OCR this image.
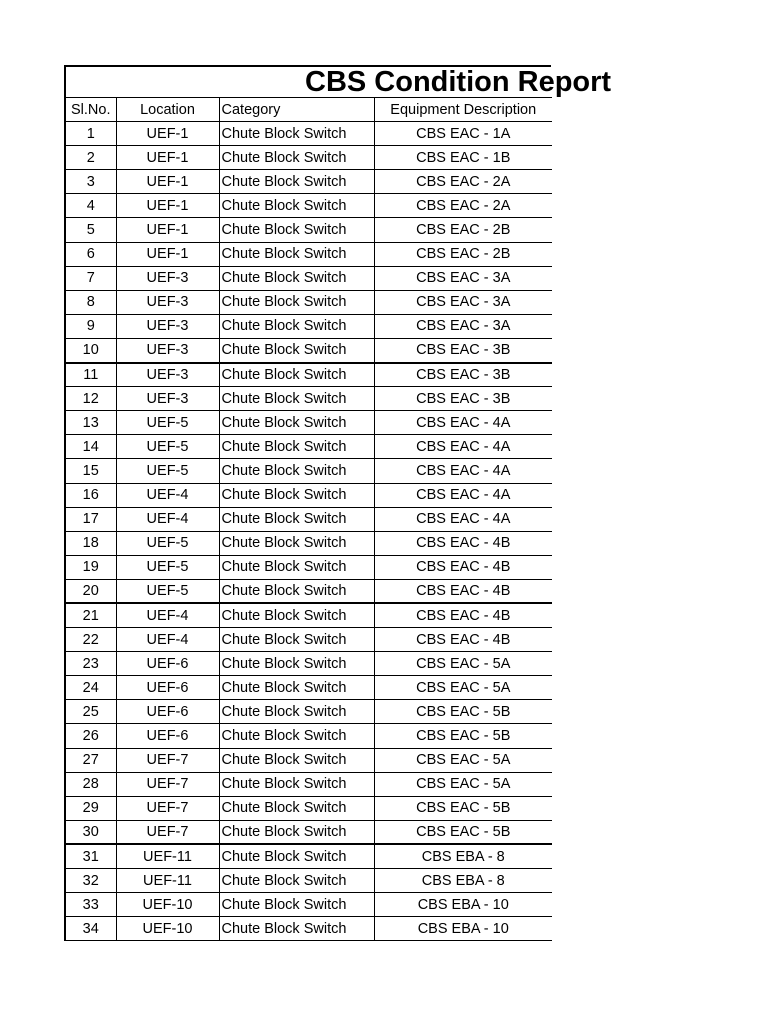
CBS Condition Report
Sl.No.	Location	Category	Equipment Description
1	UEF-1	Chute Block Switch	CBS EAC - 1A
2	UEF-1	Chute Block Switch	CBS EAC - 1B
3	UEF-1	Chute Block Switch	CBS EAC - 2A
4	UEF-1	Chute Block Switch	CBS EAC - 2A
5	UEF-1	Chute Block Switch	CBS EAC - 2B
6	UEF-1	Chute Block Switch	CBS EAC - 2B
7	UEF-3	Chute Block Switch	CBS EAC - 3A
8	UEF-3	Chute Block Switch	CBS EAC - 3A
9	UEF-3	Chute Block Switch	CBS EAC - 3A
10	UEF-3	Chute Block Switch	CBS EAC - 3B
11	UEF-3	Chute Block Switch	CBS EAC - 3B
12	UEF-3	Chute Block Switch	CBS EAC - 3B
13	UEF-5	Chute Block Switch	CBS EAC - 4A
14	UEF-5	Chute Block Switch	CBS EAC - 4A
15	UEF-5	Chute Block Switch	CBS EAC - 4A
16	UEF-4	Chute Block Switch	CBS EAC - 4A
17	UEF-4	Chute Block Switch	CBS EAC - 4A
18	UEF-5	Chute Block Switch	CBS EAC - 4B
19	UEF-5	Chute Block Switch	CBS EAC - 4B
20	UEF-5	Chute Block Switch	CBS EAC - 4B
21	UEF-4	Chute Block Switch	CBS EAC - 4B
22	UEF-4	Chute Block Switch	CBS EAC - 4B
23	UEF-6	Chute Block Switch	CBS EAC - 5A
24	UEF-6	Chute Block Switch	CBS EAC - 5A
25	UEF-6	Chute Block Switch	CBS EAC - 5B
26	UEF-6	Chute Block Switch	CBS EAC - 5B
27	UEF-7	Chute Block Switch	CBS EAC - 5A
28	UEF-7	Chute Block Switch	CBS EAC - 5A
29	UEF-7	Chute Block Switch	CBS EAC - 5B
30	UEF-7	Chute Block Switch	CBS EAC - 5B
31	UEF-11	Chute Block Switch	CBS EBA - 8
32	UEF-11	Chute Block Switch	CBS EBA - 8
33	UEF-10	Chute Block Switch	CBS EBA - 10
34	UEF-10	Chute Block Switch	CBS EBA - 10
